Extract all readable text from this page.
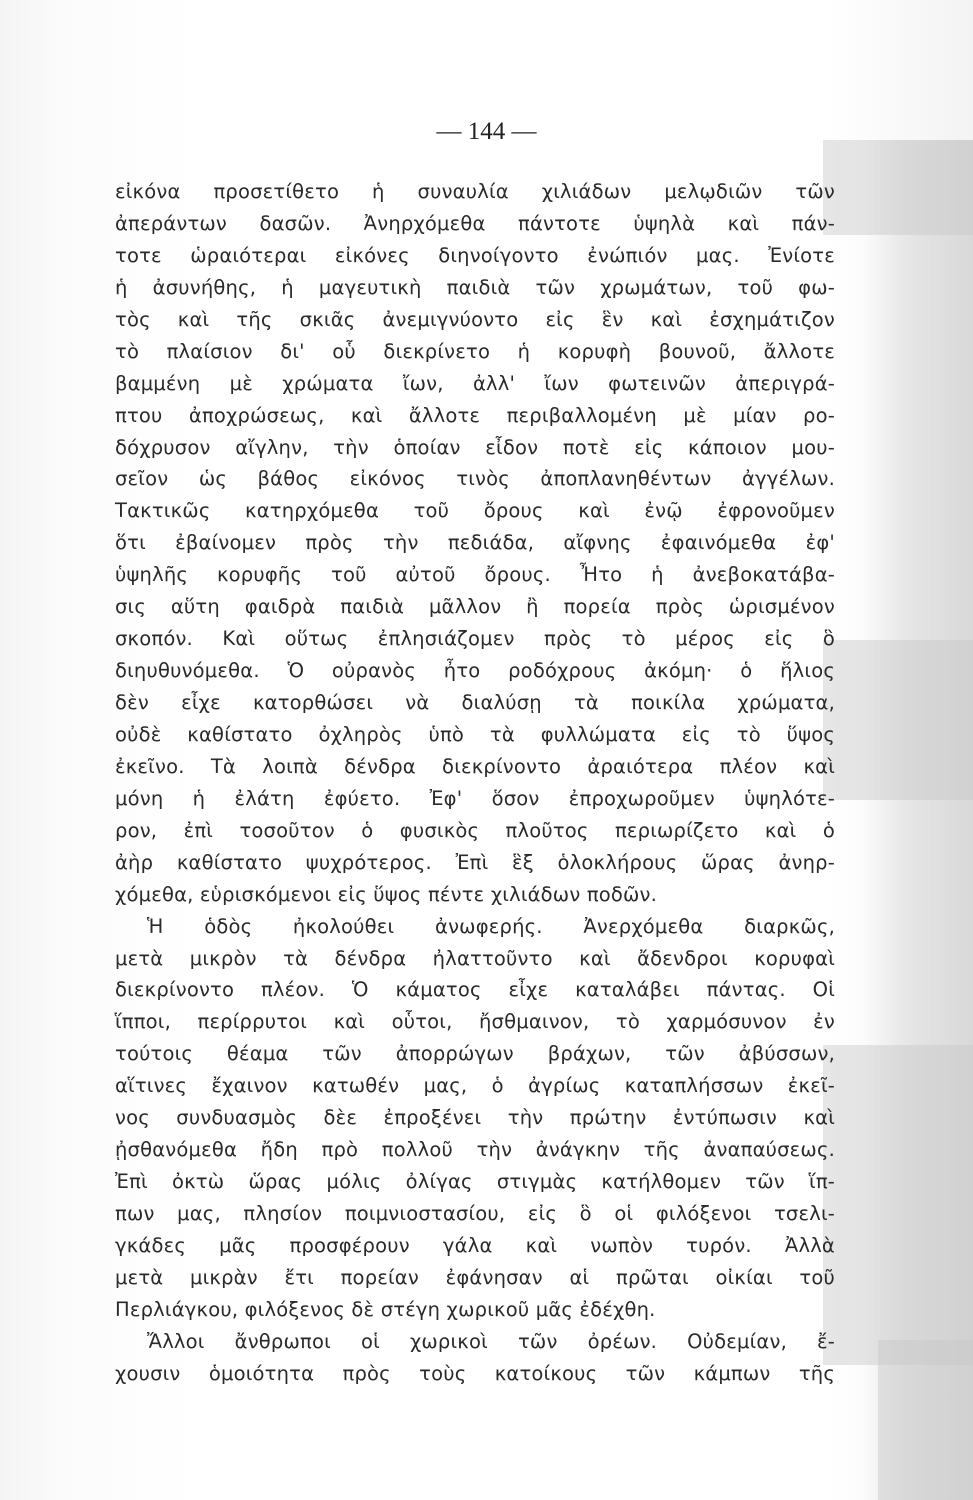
— 144 —
εἰκόνα προσετίθετο ἡ συναυλία χιλιάδων μελῳδιῶν τῶν
ἀπεράντων δασῶν. Ἀνηρχόμεθα πάντοτε ὑψηλὰ καὶ πάν-
τοτε ὡραιότεραι εἰκόνες διηνοίγοντο ἐνώπιόν μας. Ἐνίοτε
ἡ ἀσυνήθης, ἡ μαγευτικὴ παιδιὰ τῶν χρωμάτων, τοῦ φω-
τὸς καὶ τῆς σκιᾶς ἀνεμιγνύοντο εἰς ἓν καὶ ἐσχημάτιζον
τὸ πλαίσιον δι' οὗ διεκρίνετο ἡ κορυφὴ βουνοῦ, ἄλλοτε
βαμμένη μὲ χρώματα ἴων, ἀλλ' ἴων φωτεινῶν ἀπεριγρά-
πτου ἀποχρώσεως, καὶ ἄλλοτε περιβαλλομένη μὲ μίαν ρο-
δόχρυσον αἴγλην, τὴν ὁποίαν εἶδον ποτὲ εἰς κάποιον μου-
σεῖον ὡς βάθος εἰκόνος τινὸς ἀποπλανηθέντων ἀγγέλων.
Τακτικῶς κατηρχόμεθα τοῦ ὄρους καὶ ἐνῷ ἐφρονοῦμεν
ὅτι ἐβαίνομεν πρὸς τὴν πεδιάδα, αἴφνης ἐφαινόμεθα ἐφ'
ὑψηλῆς κορυφῆς τοῦ αὐτοῦ ὄρους. Ἦτο ἡ ἀνεβοκατάβα-
σις αὕτη φαιδρὰ παιδιὰ μᾶλλον ἢ πορεία πρὸς ὡρισμένον
σκοπόν. Καὶ οὕτως ἐπλησιάζομεν πρὸς τὸ μέρος εἰς ὃ
διηυθυνόμεθα. Ὁ οὐρανὸς ἦτο ροδόχρους ἀκόμη· ὁ ἥλιος
δὲν εἶχε κατορθώσει νὰ διαλύσῃ τὰ ποικίλα χρώματα,
οὐδὲ καθίστατο ὀχληρὸς ὑπὸ τὰ φυλλώματα εἰς τὸ ὕψος
ἐκεῖνο. Τὰ λοιπὰ δένδρα διεκρίνοντο ἀραιότερα πλέον καὶ
μόνη ἡ ἐλάτη ἐφύετο. Ἐφ' ὅσον ἐπροχωροῦμεν ὑψηλότε-
ρον, ἐπὶ τοσοῦτον ὁ φυσικὸς πλοῦτος περιωρίζετο καὶ ὁ
ἀὴρ καθίστατο ψυχρότερος. Ἐπὶ ἓξ ὁλοκλήρους ὥρας ἀνηρ-
χόμεθα, εὑρισκόμενοι εἰς ὕψος πέντε χιλιάδων ποδῶν.
Ἡ ὁδὸς ἠκολούθει ἀνωφερής. Ἀνερχόμεθα διαρκῶς,
μετὰ μικρὸν τὰ δένδρα ἠλαττοῦντο καὶ ἄδενδροι κορυφαὶ
διεκρίνοντο πλέον. Ὁ κάματος εἶχε καταλάβει πάντας. Οἱ
ἵπποι, περίρρυτοι καὶ οὗτοι, ἤσθμαινον, τὸ χαρμόσυνον ἐν
τούτοις θέαμα τῶν ἀπορρώγων βράχων, τῶν ἀβύσσων,
αἵτινες ἔχαινον κατωθέν μας, ὁ ἀγρίως καταπλήσσων ἐκεῖ-
νος συνδυασμὸς δὲε ἐπροξένει τὴν πρώτην ἐντύπωσιν καὶ
ᾐσθανόμεθα ἤδη πρὸ πολλοῦ τὴν ἀνάγκην τῆς ἀναπαύσεως.
Ἐπὶ ὀκτὼ ὥρας μόλις ὀλίγας στιγμὰς κατήλθομεν τῶν ἵπ-
πων μας, πλησίον ποιμνιοστασίου, εἰς ὃ οἱ φιλόξενοι τσελι-
γκάδες μᾶς προσφέρουν γάλα καὶ νωπὸν τυρόν. Ἀλλὰ
μετὰ μικρὰν ἔτι πορείαν ἐφάνησαν αἱ πρῶται οἰκίαι τοῦ
Περλιάγκου, φιλόξενος δὲ στέγη χωρικοῦ μᾶς ἐδέχθη.
Ἄλλοι ἄνθρωποι οἱ χωρικοὶ τῶν ὀρέων. Οὐδεμίαν, ἔ-
χουσιν ὁμοιότητα πρὸς τοὺς κατοίκους τῶν κάμπων τῆς
